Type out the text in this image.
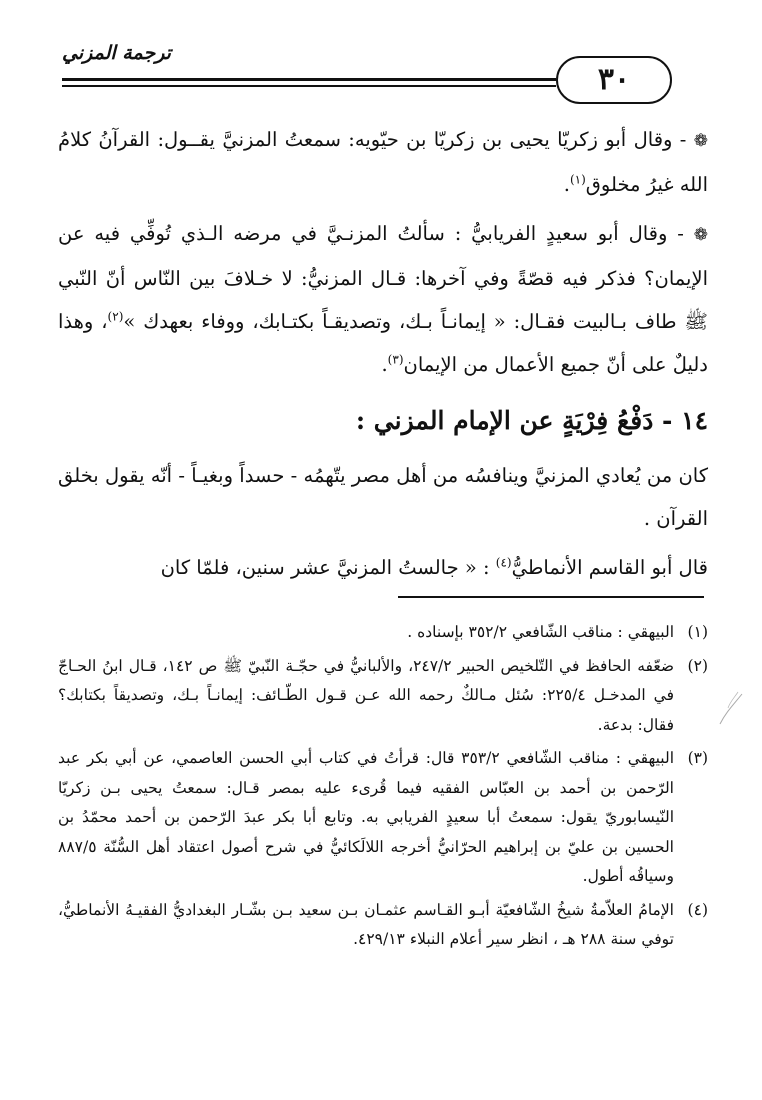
ترجمة المزني
٣٠

❁ - وقال أبو زكريّا يحيى بن زكريّا بن حيّويه: سمعتُ المزنيَّ يقــول: القرآنُ كلامُ الله غيرُ مخلوق$^{(١)}$.

❁ - وقال أبو سعيدٍ الفريابيُّ : سألتُ المزنـيَّ في مرضه الـذي تُوفِّي فيه عن الإيمان؟ فذكر فيه قصّةً وفي آخرها: قـال المزنيُّ: لا خـلافَ بين النّاس أنّ النّبي ﷺ طاف بـالبيت فقـال: « إيمانـاً بـك، وتصديقـاً بكتـابك، ووفاء بعهدك »$^{(٢)}$، وهذا دليلٌ على أنّ جميع الأعمال من الإيمان$^{(٣)}$.

١٤ - دَفْعُ فِرْيَةٍ عن الإمام المزني :

كان من يُعادي المزنيَّ وينافسُه من أهل مصر يتّهمُه - حسداً وبغيـاً - أنّه يقول بخلق القرآن .

قال أبو القاسم الأنماطيُّ$^{(٤)}$ : « جالستُ المزنيَّ عشر سنين، فلمّا كان

(١)البيهقي : مناقب الشّافعي ٣٥٢/٢ بإسناده .
(٢)ضعّفه الحافظ في التّلخيص الحبير ٢٤٧/٢، والألبانيُّ في حجّـة النّبيّ ﷺ ص ١٤٢، قـال ابنُ الحـاجّ في المدخـل ٢٢٥/٤: سُئل مـالكٌ رحمه الله عـن قـول الطّـائف: إيمانـاً بـك، وتصديقاً بكتابك؟ فقال: بدعة.
(٣)البيهقي : مناقب الشّافعي ٣٥٣/٢ قال: قرأتُ في كتاب أبي الحسن العاصمي، عن أبي بكر عبد الرّحمن بن أحمد بن العبّاس الفقيه فيما قُرىء عليه بمصر قـال: سمعتُ يحيى بـن زكريّا النّيسابوريّ يقول: سمعتُ أبا سعيدٍ الفريابي به. وتابع أبا بكر عبدَ الرّحمن بن أحمد محمّدُ بن الحسين بن عليّ بن إبراهيم الحرّانيُّ أخرجه اللالَكائيُّ في شرح أصول اعتقاد أهل السُّنّة ٨٨٧/٥ وسياقُه أطول.
(٤)الإمامُ العلاّمةُ شيخُ الشّافعيّة أبـو القـاسم عثمـان بـن سعيد بـن بشّـار البغداديُّ الفقيـهُ الأنماطيُّ، توفي سنة ٢٨٨ هـ ، انظر سير أعلام النبلاء ٤٢٩/١٣.
